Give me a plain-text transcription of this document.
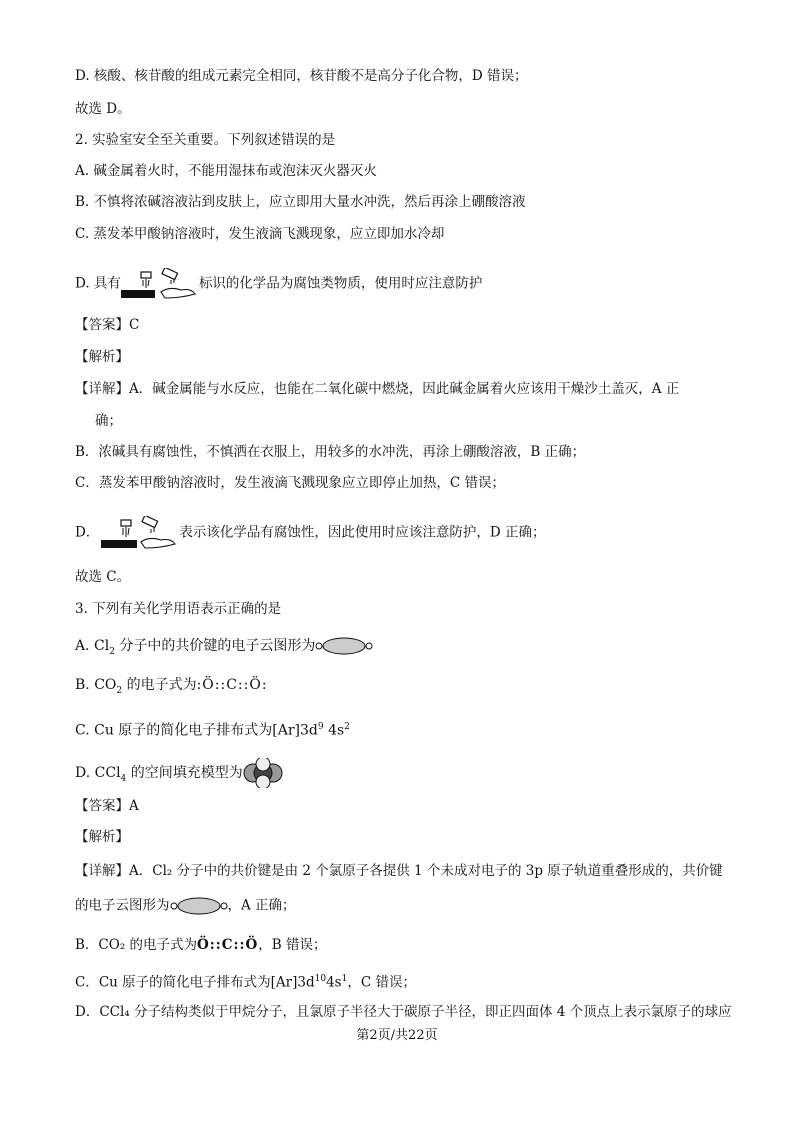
D. 核酸、核苷酸的组成元素完全相同，核苷酸不是高分子化合物，D 错误；
故选 D。
2. 实验室安全至关重要。下列叙述错误的是
A. 碱金属着火时，不能用湿抹布或泡沫灭火器灭火
B. 不慎将浓碱溶液沾到皮肤上，应立即用大量水冲洗，然后再涂上硼酸溶液
C. 蒸发苯甲酸钠溶液时，发生液滴飞溅现象，应立即加水冷却
D. 具有	标识的化学品为腐蚀类物质，使用时应注意防护
【答案】C
【解析】
【详解】A．碱金属能与水反应，也能在二氧化碳中燃烧，因此碱金属着火应该用干燥沙土盖灭，A 正
确；
B．浓碱具有腐蚀性，不慎洒在衣服上，用较多的水冲洗，再涂上硼酸溶液，B 正确；
C．蒸发苯甲酸钠溶液时，发生液滴飞溅现象应立即停止加热，C 错误；
D．	表示该化学品有腐蚀性，因此使用时应该注意防护，D 正确；
故选 C。
3. 下列有关化学用语表示正确的是
A. $Cl_2$ 分子中的共价键的电子云图形为
B. $CO_2$ 的电子式为:Ö::C::Ö:
C. Cu 原子的简化电子排布式为$[Ar]3d^9$ $4s^2$
D. CCl$_4$ 的空间填充模型为
【答案】A
【解析】
【详解】A．Cl₂ 分子中的共价键是由 2 个氯原子各提供 1 个未成对电子的 3p 原子轨道重叠形成的，共价键
的电子云图形为	，A 正确；
B．CO₂ 的电子式为Ö::C::Ö，B 错误；
C．Cu 原子的简化电子排布式为$[Ar]3d^{10}4s^1$，C 错误；
D．CCl₄ 分子结构类似于甲烷分子，且氯原子半径大于碳原子半径，即正四面体 4 个顶点上表示氯原子的球应
第2页/共22页
